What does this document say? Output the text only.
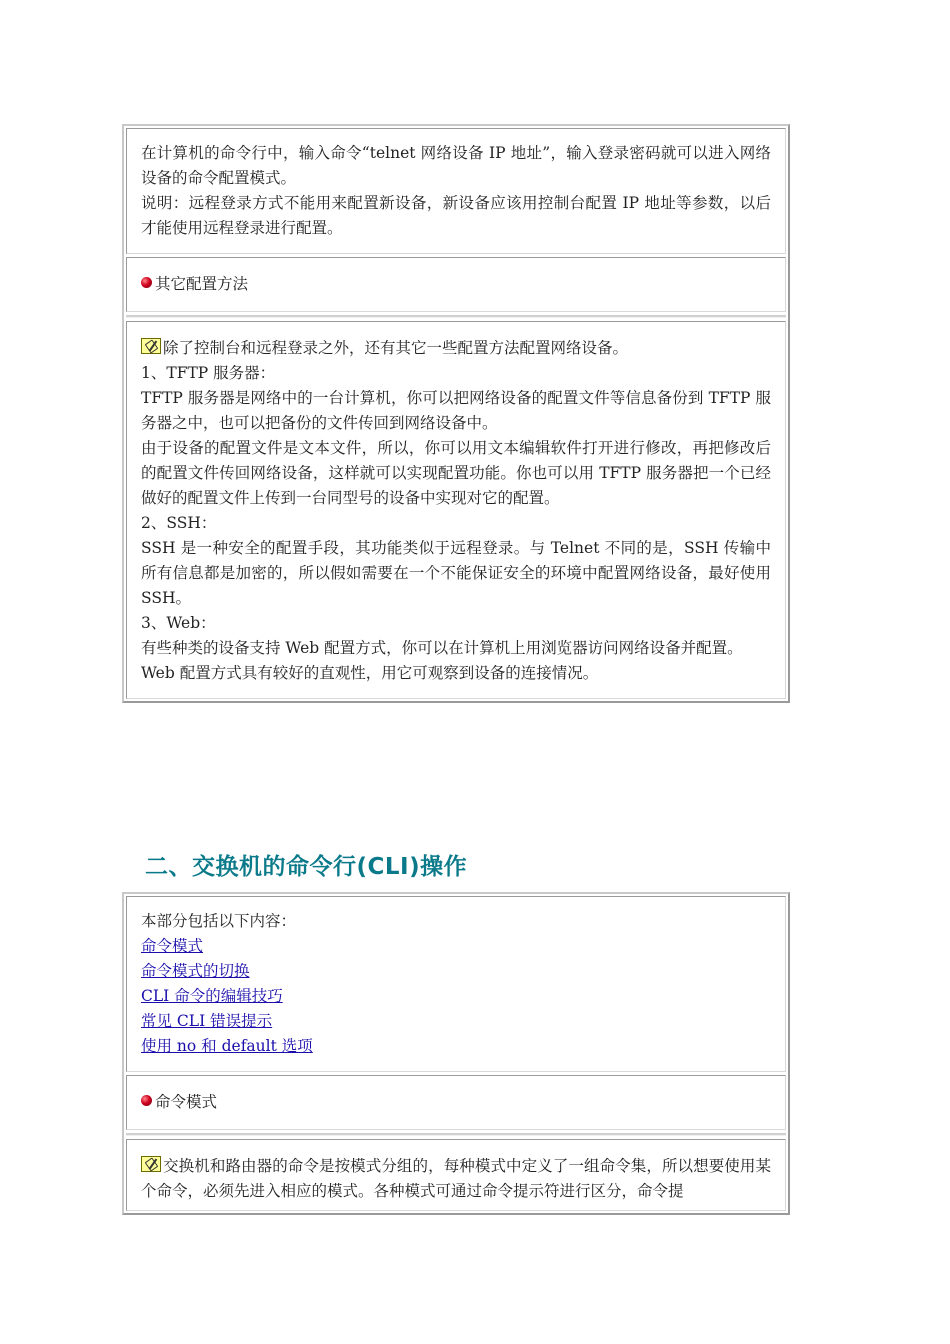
在计算机的命令行中，输入命令“telnet 网络设备 IP 地址”，输入登录密码就可以进入网络设备的命令配置模式。

说明：远程登录方式不能用来配置新设备，新设备应该用控制台配置 IP 地址等参数，以后才能使用远程登录进行配置。

其它配置方法

除了控制台和远程登录之外，还有其它一些配置方法配置网络设备。

1、TFTP 服务器：

TFTP 服务器是网络中的一台计算机，你可以把网络设备的配置文件等信息备份到 TFTP 服务器之中，也可以把备份的文件传回到网络设备中。

由于设备的配置文件是文本文件，所以，你可以用文本编辑软件打开进行修改，再把修改后的配置文件传回网络设备，这样就可以实现配置功能。你也可以用 TFTP 服务器把一个已经做好的配置文件上传到一台同型号的设备中实现对它的配置。

2、SSH：

SSH 是一种安全的配置手段，其功能类似于远程登录。与 Telnet 不同的是，SSH 传输中所有信息都是加密的，所以假如需要在一个不能保证安全的环境中配置网络设备，最好使用 SSH。

3、Web：

有些种类的设备支持 Web 配置方式，你可以在计算机上用浏览器访问网络设备并配置。

Web 配置方式具有较好的直观性，用它可观察到设备的连接情况。

二、交换机的命令行(CLI)操作

本部分包括以下内容：

命令模式
命令模式的切换
CLI 命令的编辑技巧
常见 CLI 错误提示
使用 no 和 default 选项
命令模式

交换机和路由器的命令是按模式分组的，每种模式中定义了一组命令集，所以想要使用某个命令，必须先进入相应的模式。各种模式可通过命令提示符进行区分，命令提
